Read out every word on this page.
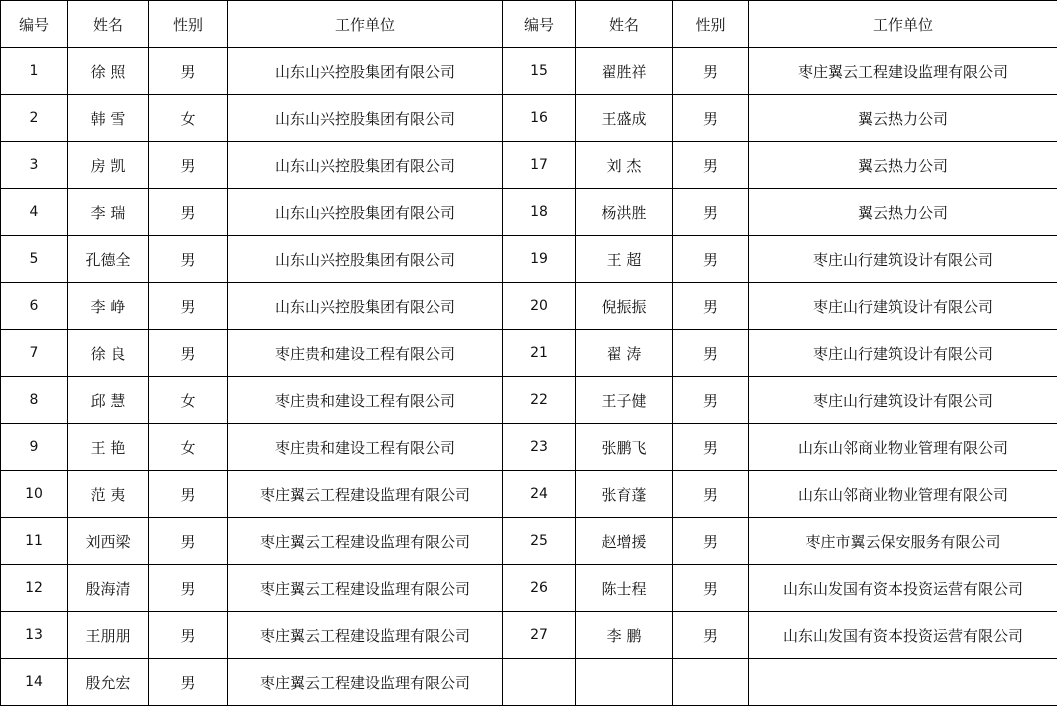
编号	姓名	性别	工作单位	编号	姓名	性别	工作单位
1	徐 照	男	山东山兴控股集团有限公司	15	翟胜祥	男	枣庄翼云工程建设监理有限公司
2	韩 雪	女	山东山兴控股集团有限公司	16	王盛成	男	翼云热力公司
3	房 凯	男	山东山兴控股集团有限公司	17	刘 杰	男	翼云热力公司
4	李 瑞	男	山东山兴控股集团有限公司	18	杨洪胜	男	翼云热力公司
5	孔德全	男	山东山兴控股集团有限公司	19	王 超	男	枣庄山行建筑设计有限公司
6	李 峥	男	山东山兴控股集团有限公司	20	倪振振	男	枣庄山行建筑设计有限公司
7	徐 良	男	枣庄贵和建设工程有限公司	21	翟 涛	男	枣庄山行建筑设计有限公司
8	邱 慧	女	枣庄贵和建设工程有限公司	22	王子健	男	枣庄山行建筑设计有限公司
9	王 艳	女	枣庄贵和建设工程有限公司	23	张鹏飞	男	山东山邻商业物业管理有限公司
10	范 夷	男	枣庄翼云工程建设监理有限公司	24	张育蓬	男	山东山邻商业物业管理有限公司
11	刘西梁	男	枣庄翼云工程建设监理有限公司	25	赵增援	男	枣庄市翼云保安服务有限公司
12	殷海清	男	枣庄翼云工程建设监理有限公司	26	陈士程	男	山东山发国有资本投资运营有限公司
13	王朋朋	男	枣庄翼云工程建设监理有限公司	27	李 鹏	男	山东山发国有资本投资运营有限公司
14	殷允宏	男	枣庄翼云工程建设监理有限公司				
